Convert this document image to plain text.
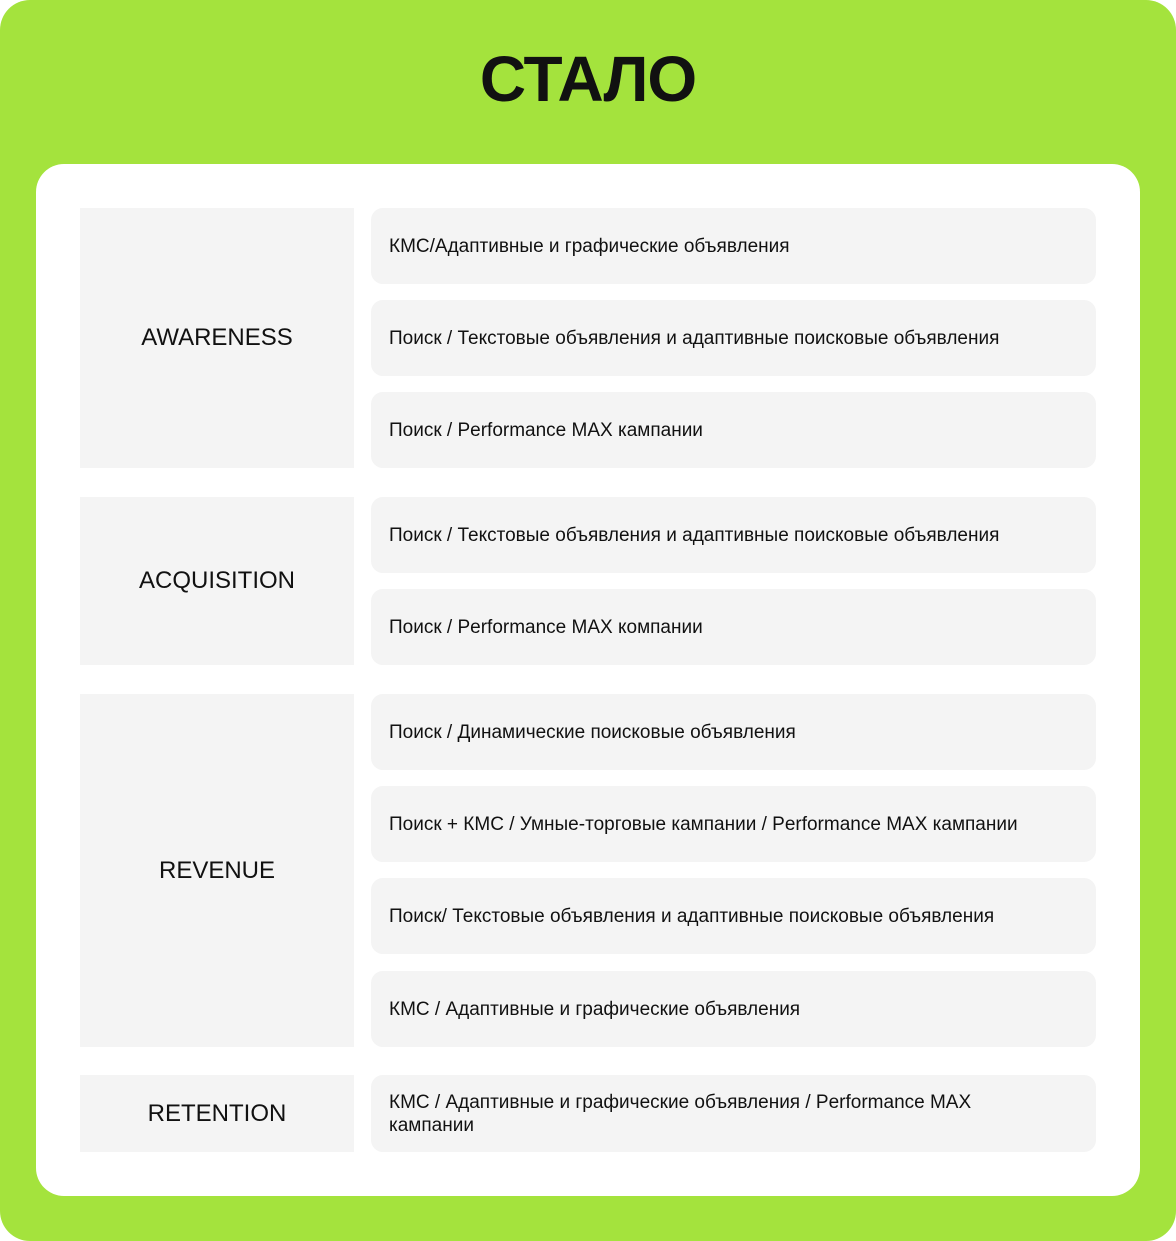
СТАЛО
AWARENESS
КМС/Адаптивные и графические объявления
Поиск / Текстовые объявления и адаптивные поисковые объявления
Поиск / Performance MAX кампании
ACQUISITION
Поиск / Текстовые объявления и адаптивные поисковые объявления
Поиск / Performance MAX компании
REVENUE
Поиск / Динамические поисковые объявления
Поиск + КМС / Умные-торговые кампании / Performance MAX кампании
Поиск/ Текстовые объявления и адаптивные поисковые объявления
КМС / Адаптивные и графические объявления
RETENTION	КМС / Адаптивные и графические объявления / Performance MAX кампании
